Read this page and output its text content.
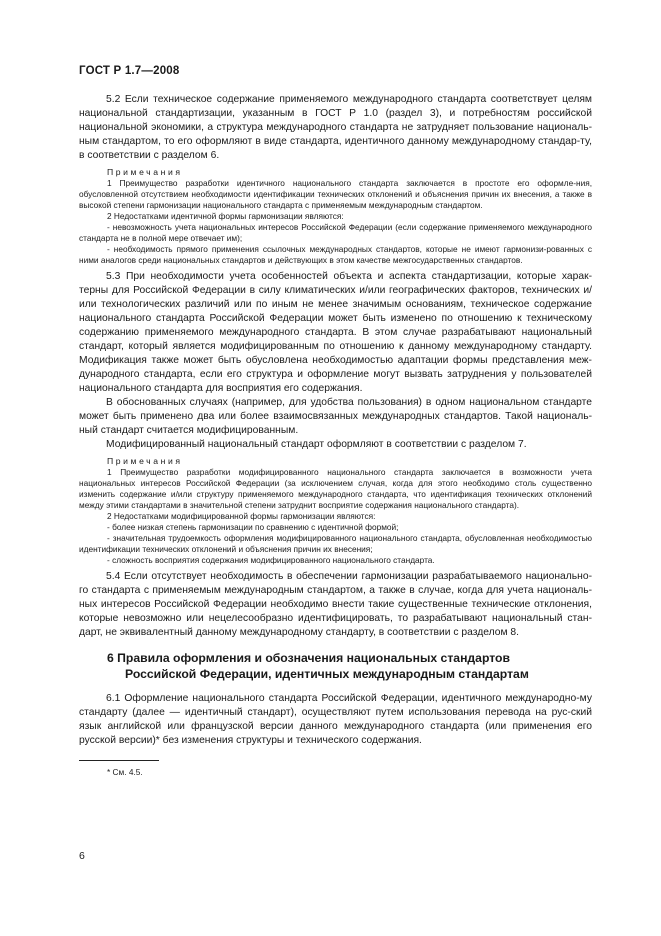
ГОСТ Р 1.7—2008

5.2 Если техническое содержание применяемого международного стандарта соответствует целям национальной стандартизации, указанным в ГОСТ Р 1.0 (раздел 3), и потребностям российской национальной экономики, а структура международного стандарта не затрудняет пользование националь-ным стандартом, то его оформляют в виде стандарта, идентичного данному международному стандар-ту, в соответствии с разделом 6.

Примечания

1 Преимущество разработки идентичного национального стандарта заключается в простоте его оформле-ния, обусловленной отсутствием необходимости идентификации технических отклонений и объяснения причин их внесения, а также в высокой степени гармонизации национального стандарта с применяемым международным стандартом.

2 Недостатками идентичной формы гармонизации являются:

- невозможность учета национальных интересов Российской Федерации (если содержание применяемого международного стандарта не в полной мере отвечает им);

- необходимость прямого применения ссылочных международных стандартов, которые не имеют гармонизи-рованных с ними аналогов среди национальных стандартов и действующих в этом качестве межгосударственных стандартов.

5.3 При необходимости учета особенностей объекта и аспекта стандартизации, которые харак-терны для Российской Федерации в силу климатических и/или географических факторов, технических и/или технологических различий или по иным не менее значимым основаниям, техническое содержание национального стандарта Российской Федерации может быть изменено по отношению к техническому содержанию применяемого международного стандарта. В этом случае разрабатывают национальный стандарт, который является модифицированным по отношению к данному международному стандарту. Модификация также может быть обусловлена необходимостью адаптации формы представления меж-дународного стандарта, если его структура и оформление могут вызвать затруднения у пользователей национального стандарта для восприятия его содержания.

В обоснованных случаях (например, для удобства пользования) в одном национальном стандарте может быть применено два или более взаимосвязанных международных стандартов. Такой националь-ный стандарт считается модифицированным.

Модифицированный национальный стандарт оформляют в соответствии с разделом 7.

Примечания

1 Преимущество разработки модифицированного национального стандарта заключается в возможности учета национальных интересов Российской Федерации (за исключением случая, когда для этого необходимо столь существенно изменить содержание и/или структуру применяемого международного стандарта, что идентификация технических отклонений между этими стандартами в значительной степени затруднит восприятие содержания национального стандарта).

2 Недостатками модифицированной формы гармонизации являются:

- более низкая степень гармонизации по сравнению с идентичной формой;

- значительная трудоемкость оформления модифицированного национального стандарта, обусловленная необходимостью идентификации технических отклонений и объяснения причин их внесения;

- сложность восприятия содержания модифицированного национального стандарта.

5.4 Если отсутствует необходимость в обеспечении гармонизации разрабатываемого национально-го стандарта с применяемым международным стандартом, а также в случае, когда для учета националь-ных интересов Российской Федерации необходимо внести такие существенные технические отклонения, которые невозможно или нецелесообразно идентифицировать, то разрабатывают национальный стан-дарт, не эквивалентный данному международному стандарту, в соответствии с разделом 8.

6 Правила оформления и обозначения национальных стандартов
Российской Федерации, идентичных международным стандартам

6.1 Оформление национального стандарта Российской Федерации, идентичного международно-му стандарту (далее — идентичный стандарт), осуществляют путем использования перевода на рус-ский язык английской или французской версии данного международного стандарта (или применения его русской версии)* без изменения структуры и технического содержания.

* См. 4.5.

6
